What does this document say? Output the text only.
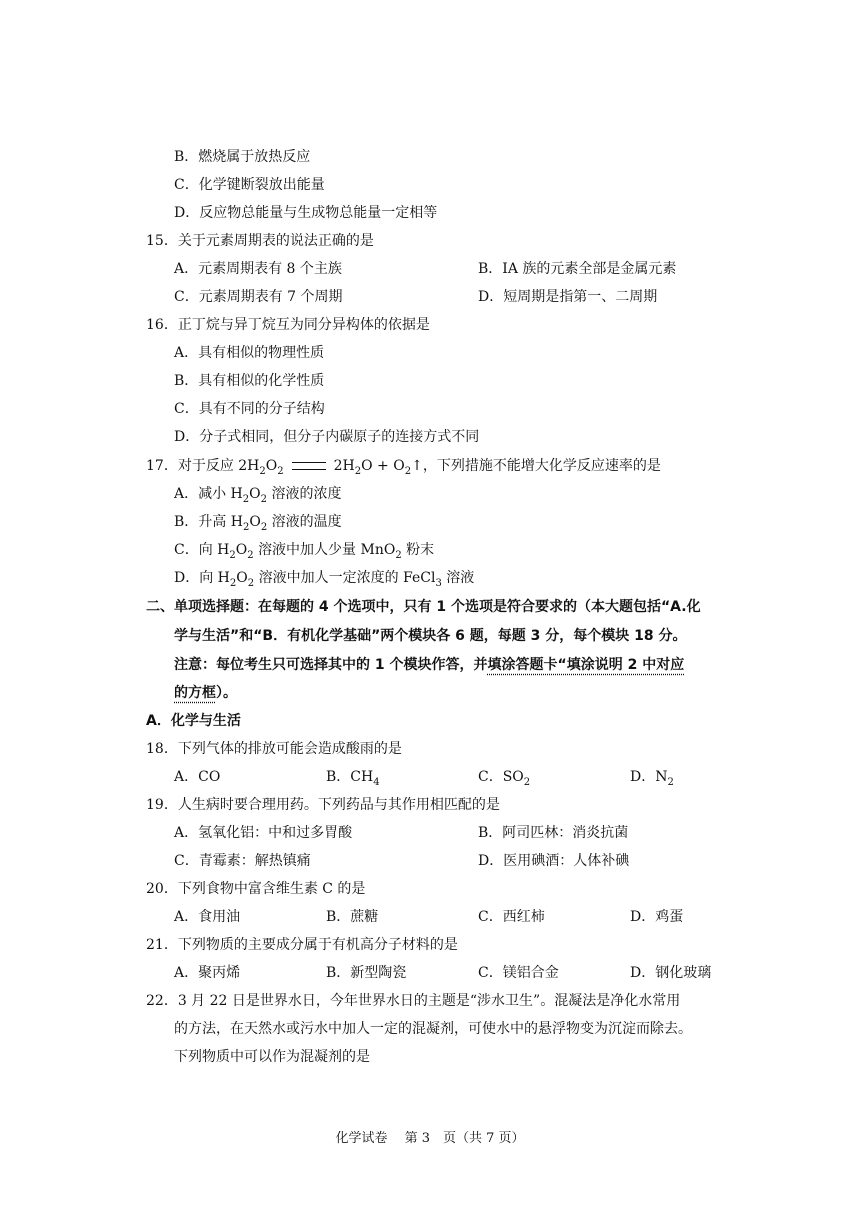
B．燃烧属于放热反应
C．化学键断裂放出能量
D．反应物总能量与生成物总能量一定相等
15．关于元素周期表的说法正确的是
A．元素周期表有 8 个主族	B．ⅠA 族的元素全部是金属元素
C．元素周期表有 7 个周期	D．短周期是指第一、二周期
16．正丁烷与异丁烷互为同分异构体的依据是
A．具有相似的物理性质
B．具有相似的化学性质
C．具有不同的分子结构
D．分子式相同，但分子内碳原子的连接方式不同
17．对于反应 $2H_2O_2$	$2H_2O$ + $O_2↑$，下列措施不能增大化学反应速率的是
A．减小 $H_2O_2$ 溶液的浓度
B．升高 $H_2O_2$ 溶液的温度
C．向 $H_2O_2$ 溶液中加人少量 MnO$_2$ 粉末
D．向 $H_2O_2$ 溶液中加人一定浓度的 FeCl$_3$ 溶液
二、单项选择题：在每题的 4 个选项中，只有 1 个选项是符合要求的（本大题包括“A.化
学与生活”和“B．有机化学基础”两个模块各 6 题，每题 3 分，每个模块 18 分。
注意：每位考生只可选择其中的 1 个模块作答，并填涂答题卡“填涂说明 2 中对应
的方框）。
A．化学与生活
18．下列气体的排放可能会造成酸雨的是
A．CO	B．$CH_4$	C．$SO_2$	D．$N_2$
19．人生病时要合理用药。下列药品与其作用相匹配的是
A．氢氧化铝：中和过多胃酸	B．阿司匹林：消炎抗菌
C．青霉素：解热镇痛	D．医用碘酒：人体补碘
20．下列食物中富含维生素 C 的是
A．食用油	B．蔗糖	C．西红柿	D．鸡蛋
21．下列物质的主要成分属于有机高分子材料的是
A．聚丙烯	B．新型陶瓷	C．镁铝合金	D．钢化玻璃
22．3 月 22 日是世界水日，今年世界水日的主题是“涉水卫生”。混凝法是净化水常用
的方法，在天然水或污水中加人一定的混凝剂，可使水中的悬浮物变为沉淀而除去。
下列物质中可以作为混凝剂的是
化学试卷　 第 3　页（共 7 页）
